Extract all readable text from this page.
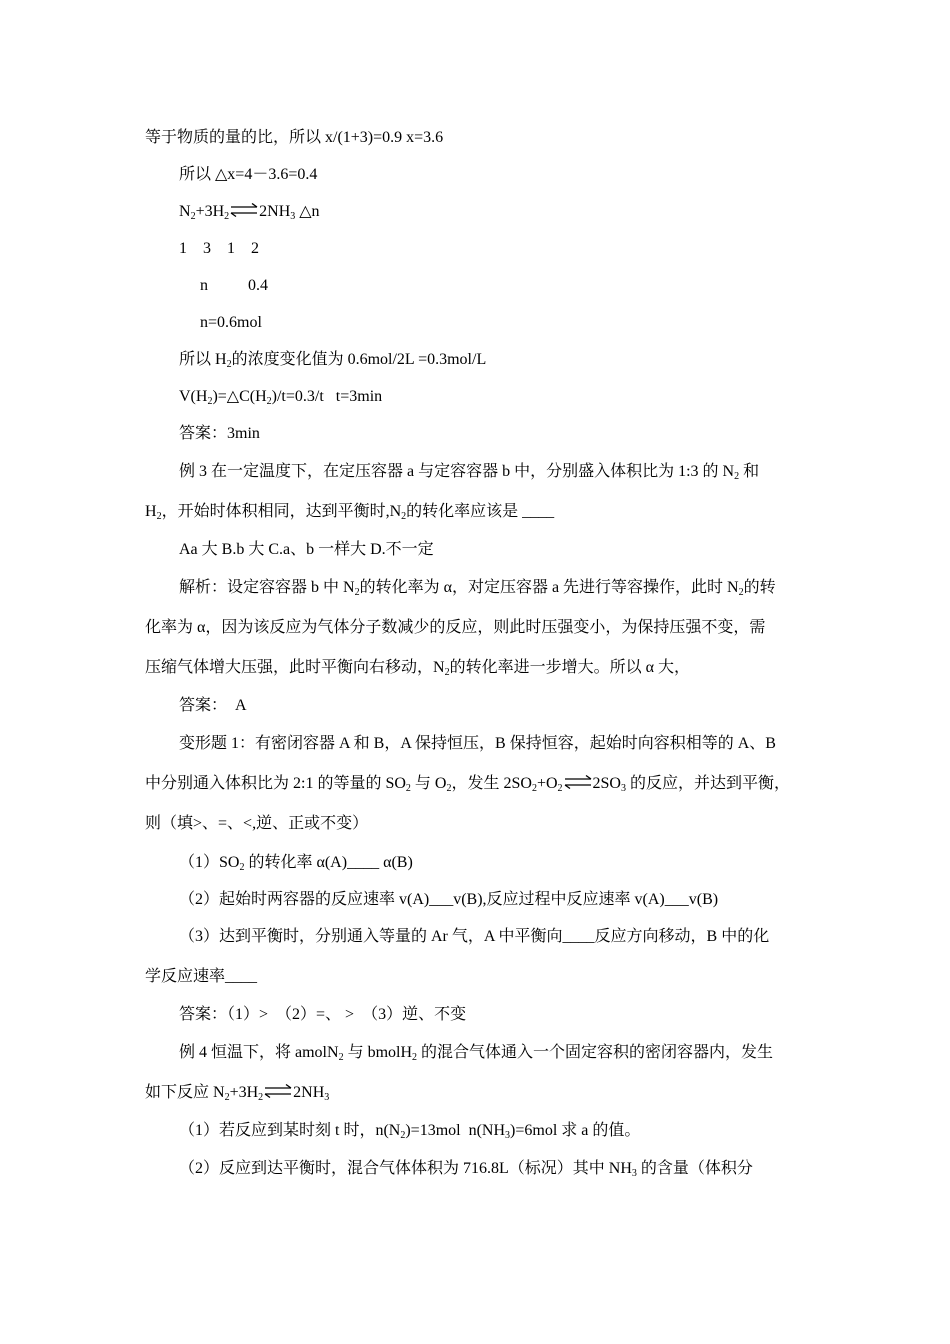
等于物质的量的比，所以 x/(1+3)=0.9 x=3.6
所以 △x=4－3.6=0.4
$N_2+3H_2\rightleftharpoons 2NH_3$ △n
1    3    1    2
n          0.4
n=0.6mol
所以 $H_2$的浓度变化值为 0.6mol/2L =0.3mol/L
$V(H_2)=\triangle C(H_2)/t=0.3/t$   t=3min
答案：3min
例 3 在一定温度下，在定压容器 a 与定容容器 b 中，分别盛入体积比为 1:3 的 $N_2$ 和
$H_2$，开始时体积相同，达到平衡时$,N_2$的转化率应该是 ____
Aa 大 B.b 大 C.a、b 一样大 D.不一定
解析：设定容容器 b 中 $N_2$的转化率为 α，对定压容器 a 先进行等容操作，此时 $N_2$的转
化率为 α，因为该反应为气体分子数减少的反应，则此时压强变小，为保持压强不变，需
压缩气体增大压强，此时平衡向右移动，$N_2$的转化率进一步增大。所以 α 大，
答案：  A
变形题 1：有密闭容器 A 和 B，A 保持恒压，B 保持恒容，起始时向容积相等的 A、B
中分别通入体积比为 2:1 的等量的 $SO_2$ 与 $O_2$，发生 $2SO_2+O_2\rightleftharpoons 2SO_3$ 的反应，并达到平衡，
则（填>、=、<,逆、正或不变）
$(1)SO_2$ 的转化率 α(A)____ α(B)
（2）起始时两容器的反应速率 v(A)___v(B),反应过程中反应速率 v(A)___v(B)
（3）达到平衡时，分别通入等量的 Ar 气，A 中平衡向____反应方向移动，B 中的化
学反应速率____
答案：（1）>  （2）=、 >  （3）逆、不变
例 4 恒温下，将 amolN$_2$ 与 bmolH$_2$ 的混合气体通入一个固定容积的密闭容器内，发生
如下反应 $N_2+3H_2\rightleftharpoons 2NH_3$
（1）若反应到某时刻 t 时，$n(N_2)=13mol$  $n(NH_3)=6mol$ 求 a 的值。
（2）反应到达平衡时，混合气体体积为 716.8L（标况）其中 $NH_3$ 的含量（体积分
